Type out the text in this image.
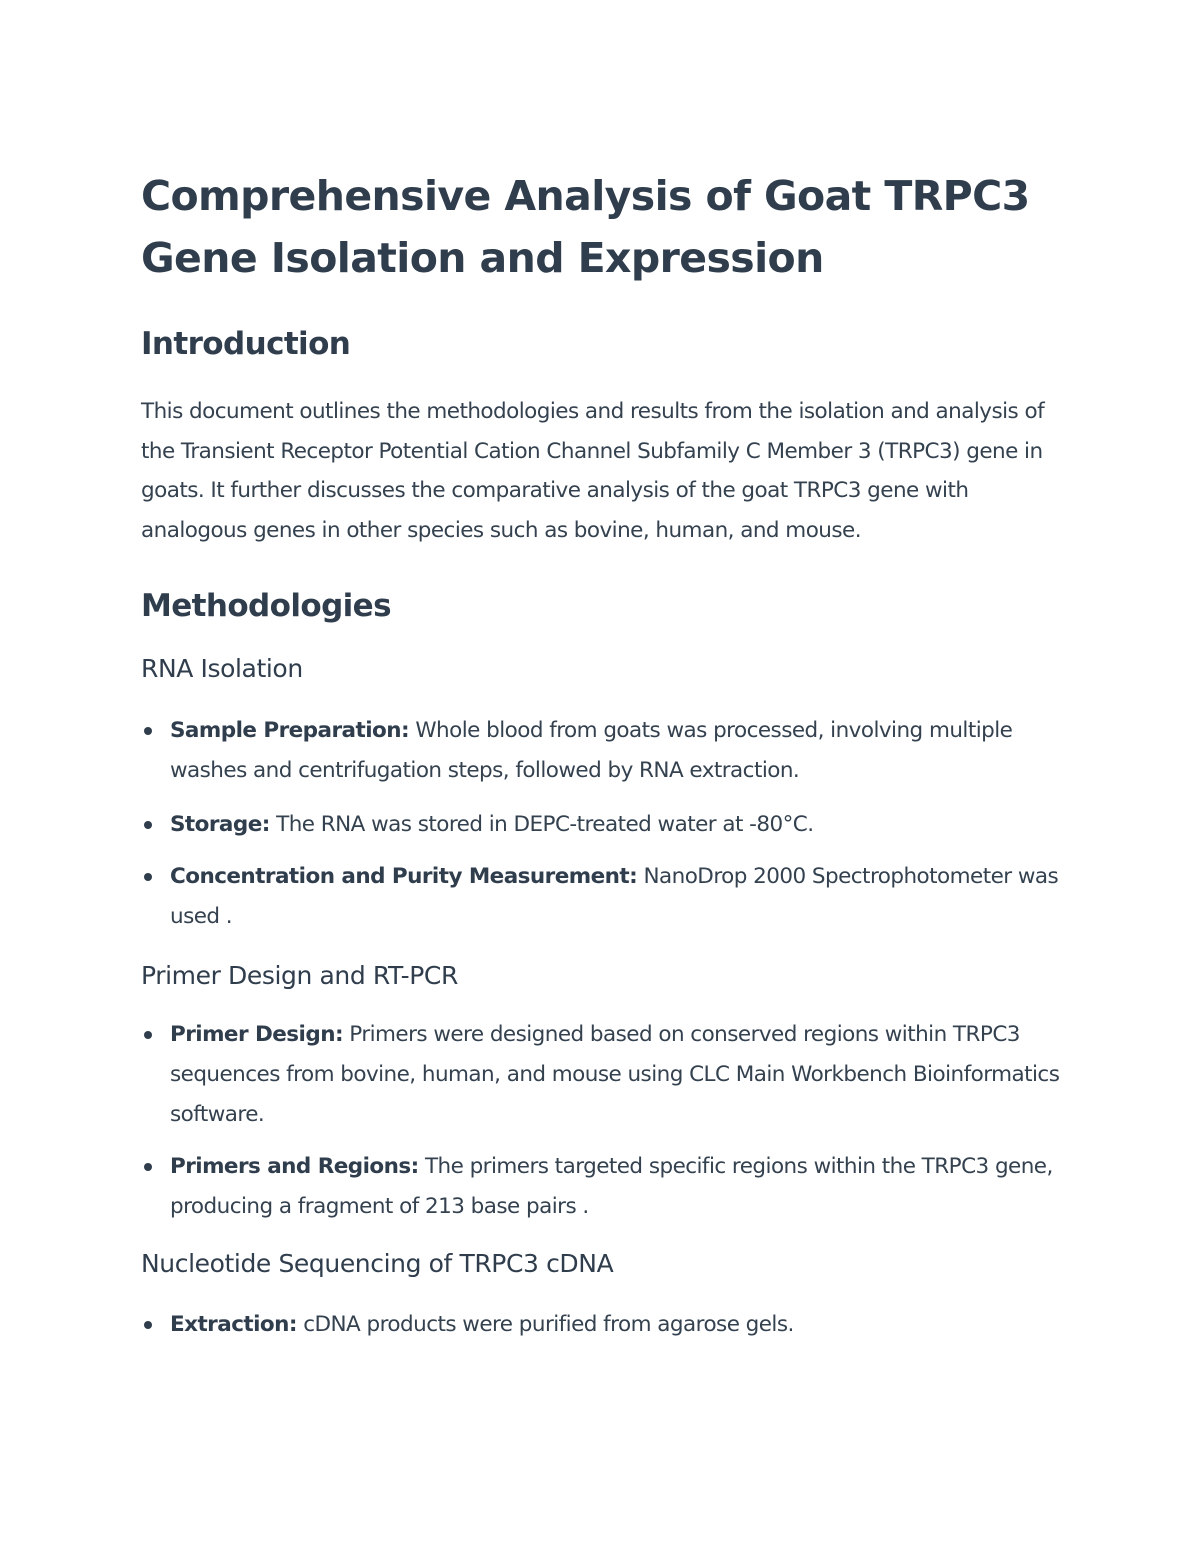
Comprehensive Analysis of Goat TRPC3 Gene Isolation and Expression
Introduction

This document outlines the methodologies and results from the isolation and analysis of the Transient Receptor Potential Cation Channel Subfamily C Member 3 (TRPC3) gene in goats. It further discusses the comparative analysis of the goat TRPC3 gene with analogous genes in other species such as bovine, human, and mouse.

Methodologies
RNA Isolation
Sample Preparation: Whole blood from goats was processed, involving multiple washes and centrifugation steps, followed by RNA extraction.
Storage: The RNA was stored in DEPC-treated water at -80°C.
Concentration and Purity Measurement: NanoDrop 2000 Spectrophotometer was used .
Primer Design and RT-PCR
Primer Design: Primers were designed based on conserved regions within TRPC3 sequences from bovine, human, and mouse using CLC Main Workbench Bioinformatics software.
Primers and Regions: The primers targeted specific regions within the TRPC3 gene, producing a fragment of 213 base pairs .
Nucleotide Sequencing of TRPC3 cDNA
Extraction: cDNA products were purified from agarose gels.
